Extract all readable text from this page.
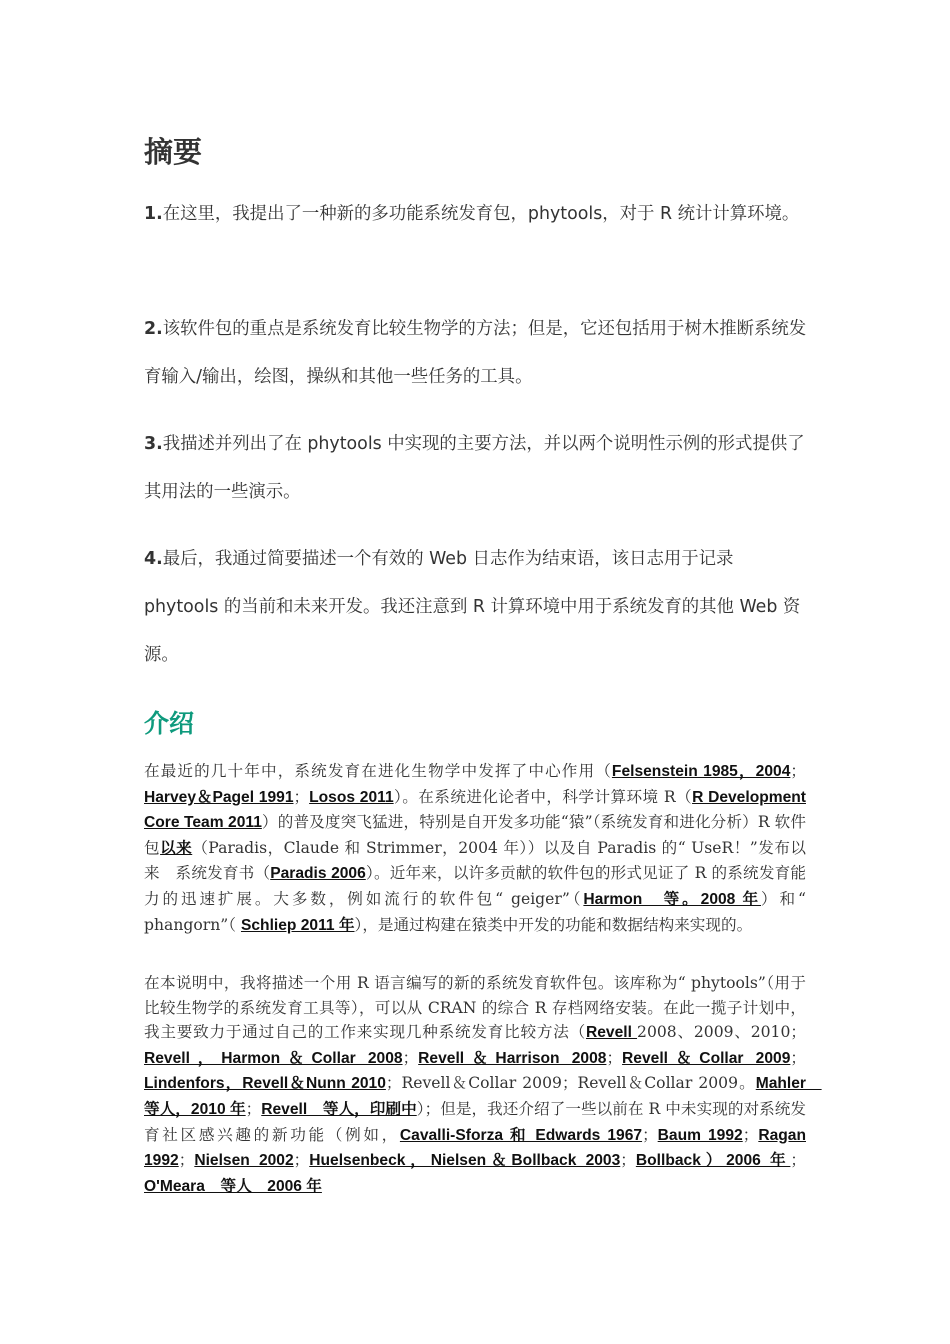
摘要
1.在这里，我提出了一种新的多功能系统发育包，phytools，对于 R 统计计算环境。
2.该软件包的重点是系统发育比较生物学的方法；但是，它还包括用于树木推断系统发育输入/输出，绘图，操纵和其他一些任务的工具。
3.我描述并列出了在 phytools 中实现的主要方法，并以两个说明性示例的形式提供了其用法的一些演示。
4.最后，我通过简要描述一个有效的 Web 日志作为结束语，该日志用于记录 phytools 的当前和未来开发。我还注意到 R 计算环境中用于系统发育的其他 Web 资源。
介绍
在最近的几十年中，系统发育在进化生物学中发挥了中心作用（Felsenstein 1985，2004；Harvey＆Pagel 1991；Losos 2011）。在系统进化论者中，科学计算环境 R（R Development Core Team 2011）的普及度突飞猛进，特别是自开发多功能“猿”（系统发育和进化分析）R 软件包以来（Paradis，Claude 和 Strimmer，2004 年））以及自 Paradis 的“ UseR！”发布以来　系统发育书（Paradis 2006）。近年来，以许多贡献的软件包的形式见证了 R 的系统发育能力的迅速扩展。大多数，例如流行的软件包“ geiger”（Harmon　等。2008 年）和“ phangorn”（ Schliep 2011 年），是通过构建在猿类中开发的功能和数据结构来实现的。
在本说明中，我将描述一个用 R 语言编写的新的系统发育软件包。该库称为“ phytools”（用于比较生物学的系统发育工具等），可以从 CRAN 的综合 R 存档网络安装。在此一揽子计划中，我主要致力于通过自己的工作来实现几种系统发育比较方法（Revell 2008、2009、2010；Revell，Harmon＆Collar 2008；Revell＆Harrison 2008；Revell＆Collar 2009；Lindenfors，Revell＆Nunn 2010；Revell＆Collar 2009；Revell＆Collar 2009。Mahler　等人，2010 年；Revell　等人，印刷中）；但是，我还介绍了一些以前在 R 中未实现的对系统发育社区感兴趣的新功能（例如，Cavalli-Sforza 和 Edwards 1967；Baum 1992；Ragan 1992；Nielsen 2002；Huelsenbeck，Nielsen＆Bollback 2003；Bollback）2006 年；O'Meara　等人　2006 年
